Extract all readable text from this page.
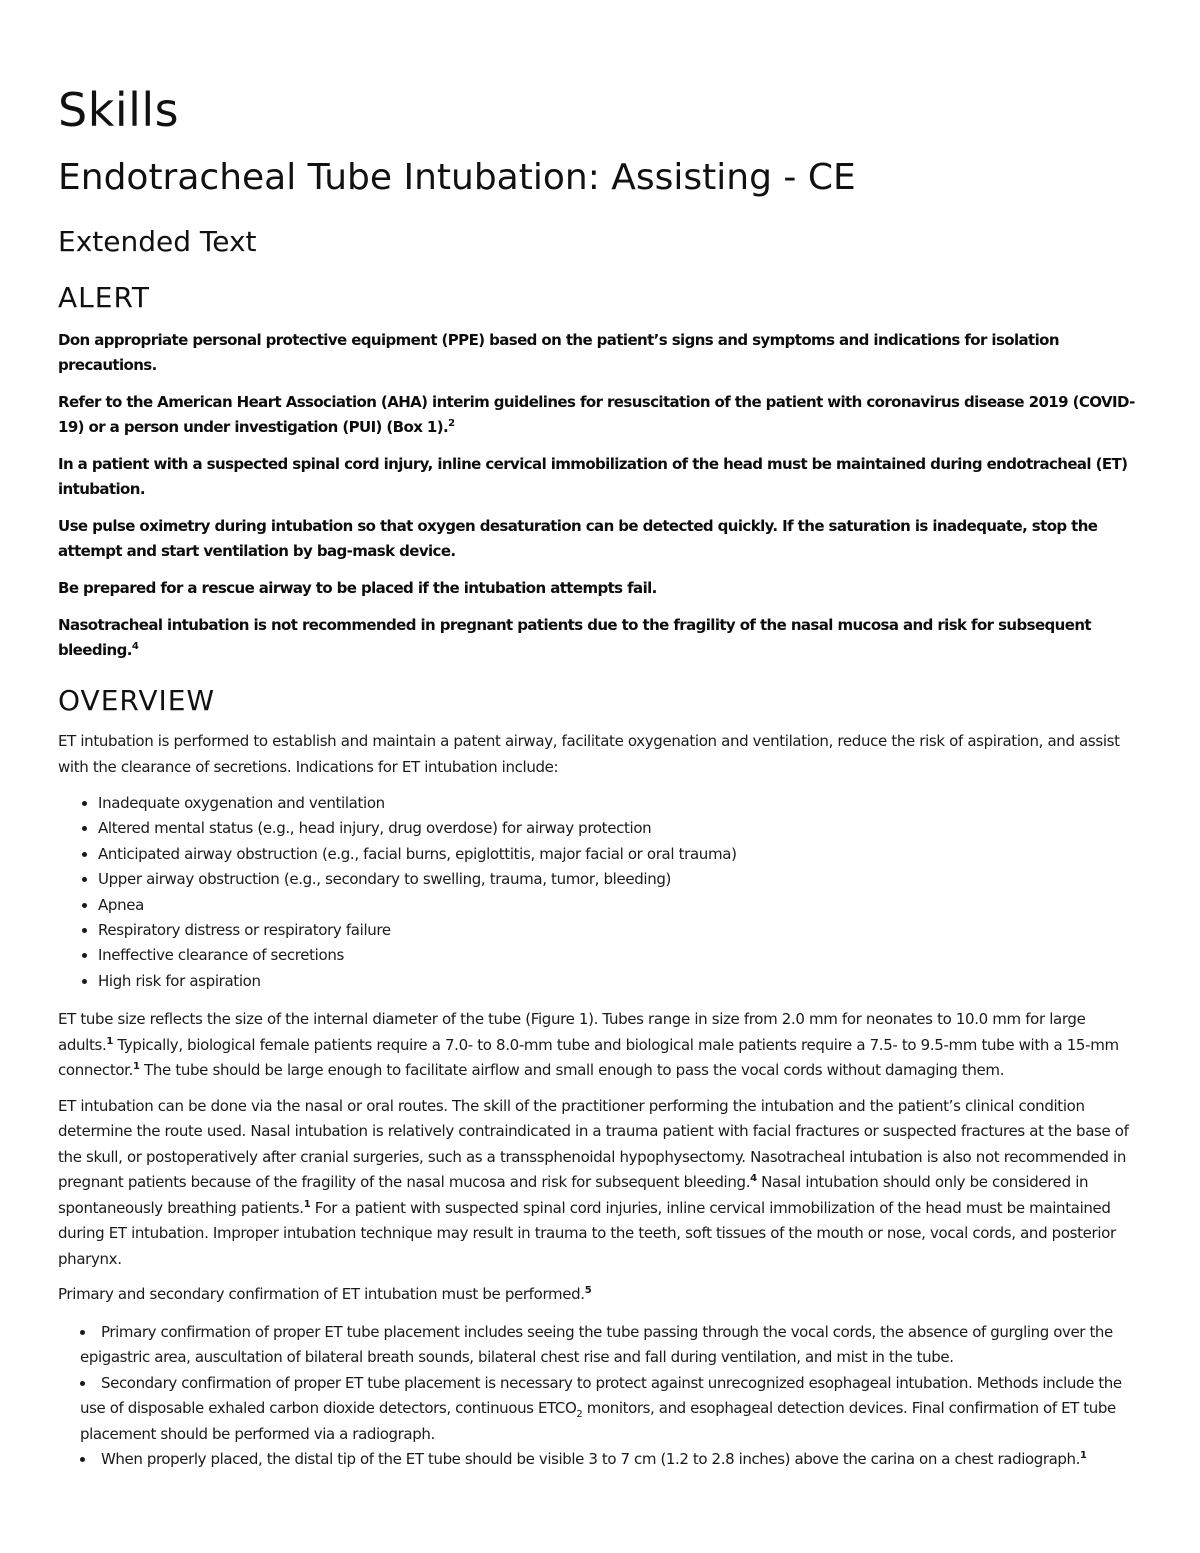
Skills
Endotracheal Tube Intubation: Assisting - CE
Extended Text
ALERT

Don appropriate personal protective equipment (PPE) based on the patient’s signs and symptoms and indications for isolation precautions.

Refer to the American Heart Association (AHA) interim guidelines for resuscitation of the patient with coronavirus disease 2019 (COVID-19) or a person under investigation (PUI) (Box 1).$^2$

In a patient with a suspected spinal cord injury, inline cervical immobilization of the head must be maintained during endotracheal (ET) intubation.

Use pulse oximetry during intubation so that oxygen desaturation can be detected quickly. If the saturation is inadequate, stop the attempt and start ventilation by bag-mask device.

Be prepared for a rescue airway to be placed if the intubation attempts fail.

Nasotracheal intubation is not recommended in pregnant patients due to the fragility of the nasal mucosa and risk for subsequent bleeding.$^4$

OVERVIEW

ET intubation is performed to establish and maintain a patent airway, facilitate oxygenation and ventilation, reduce the risk of aspiration, and assist with the clearance of secretions. Indications for ET intubation include:

• Inadequate oxygenation and ventilation
• Altered mental status (e.g., head injury, drug overdose) for airway protection
• Anticipated airway obstruction (e.g., facial burns, epiglottitis, major facial or oral trauma)
• Upper airway obstruction (e.g., secondary to swelling, trauma, tumor, bleeding)
• Apnea
• Respiratory distress or respiratory failure
• Ineffective clearance of secretions
• High risk for aspiration

ET tube size reflects the size of the internal diameter of the tube (Figure 1). Tubes range in size from 2.0 mm for neonates to 10.0 mm for large adults.$^1$ Typically, biological female patients require a 7.0- to 8.0-mm tube and biological male patients require a 7.5- to 9.5-mm tube with a 15-mm connector.$^1$ The tube should be large enough to facilitate airflow and small enough to pass the vocal cords without damaging them.

ET intubation can be done via the nasal or oral routes. The skill of the practitioner performing the intubation and the patient’s clinical condition determine the route used. Nasal intubation is relatively contraindicated in a trauma patient with facial fractures or suspected fractures at the base of the skull, or postoperatively after cranial surgeries, such as a transsphenoidal hypophysectomy. Nasotracheal intubation is also not recommended in pregnant patients because of the fragility of the nasal mucosa and risk for subsequent bleeding.$^4$ Nasal intubation should only be considered in spontaneously breathing patients.$^1$ For a patient with suspected spinal cord injuries, inline cervical immobilization of the head must be maintained during ET intubation. Improper intubation technique may result in trauma to the teeth, soft tissues of the mouth or nose, vocal cords, and posterior pharynx.

Primary and secondary confirmation of ET intubation must be performed.$^5$

• Primary confirmation of proper ET tube placement includes seeing the tube passing through the vocal cords, the absence of gurgling over the epigastric area, auscultation of bilateral breath sounds, bilateral chest rise and fall during ventilation, and mist in the tube.
• Secondary confirmation of proper ET tube placement is necessary to protect against unrecognized esophageal intubation. Methods include the use of disposable exhaled carbon dioxide detectors, continuous $ETCO_2$ monitors, and esophageal detection devices. Final confirmation of ET tube placement should be performed via a radiograph.
• When properly placed, the distal tip of the ET tube should be visible 3 to 7 cm (1.2 to 2.8 inches) above the carina on a chest radiograph.$^1$
